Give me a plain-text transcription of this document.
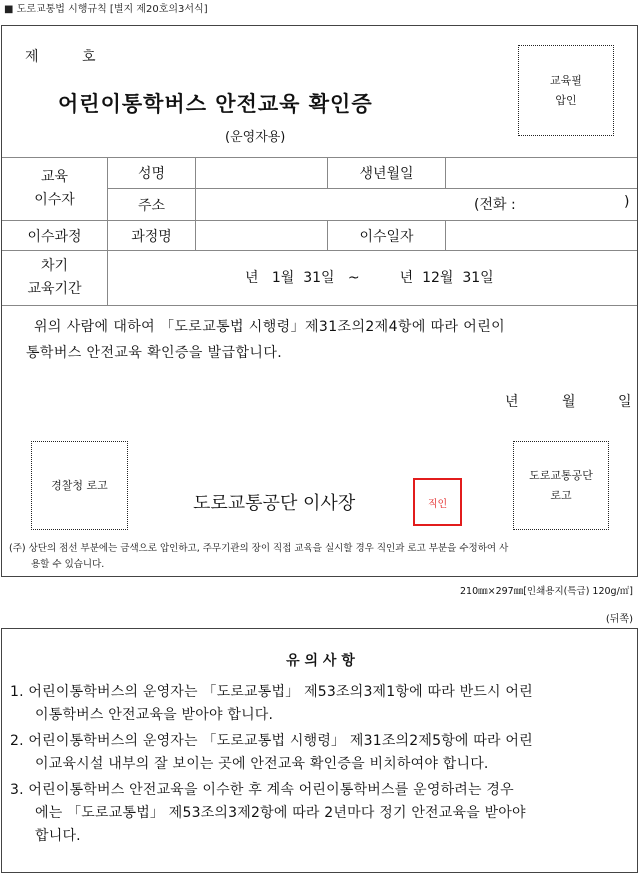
■ 도로교통법 시행규칙 [별지 제20호의3서식]
제	호
어린이통학버스 안전교육 확인증
(운영자용)
교육필
압인
교육
이수자
성명	생년월일
주소	(전화 :	)
이수과정	과정명	이수일자
차기
교육기간
년   1월  31일   ~         년  12월  31일
위의 사람에 대하여 「도로교통법 시행령」제31조의2제4항에 따라 어린이
통학버스 안전교육 확인증을 발급합니다.
년	월	일
경찰청 로고
도로교통공단
로고
도로교통공단 이사장	직인
(주) 상단의 점선 부분에는 금색으로 압인하고, 주무기관의 장이 직접 교육을 실시할 경우 직인과 로고 부분을 수정하여 사
용할 수 있습니다.
210㎜×297㎜[인쇄용지(특급) 120g/㎡]
(뒤쪽)
유 의 사 항

1. 어린이통학버스의 운영자는 「도로교통법」 제53조의3제1항에 따라 반드시 어린

이통학버스 안전교육을 받아야 합니다.

2. 어린이통학버스의 운영자는 「도로교통법 시행령」 제31조의2제5항에 따라 어린

이교육시설 내부의 잘 보이는 곳에 안전교육 확인증을 비치하여야 합니다.

3. 어린이통학버스 안전교육을 이수한 후 계속 어린이통학버스를 운영하려는 경우

에는 「도로교통법」 제53조의3제2항에 따라 2년마다 정기 안전교육을 받아야

합니다.
